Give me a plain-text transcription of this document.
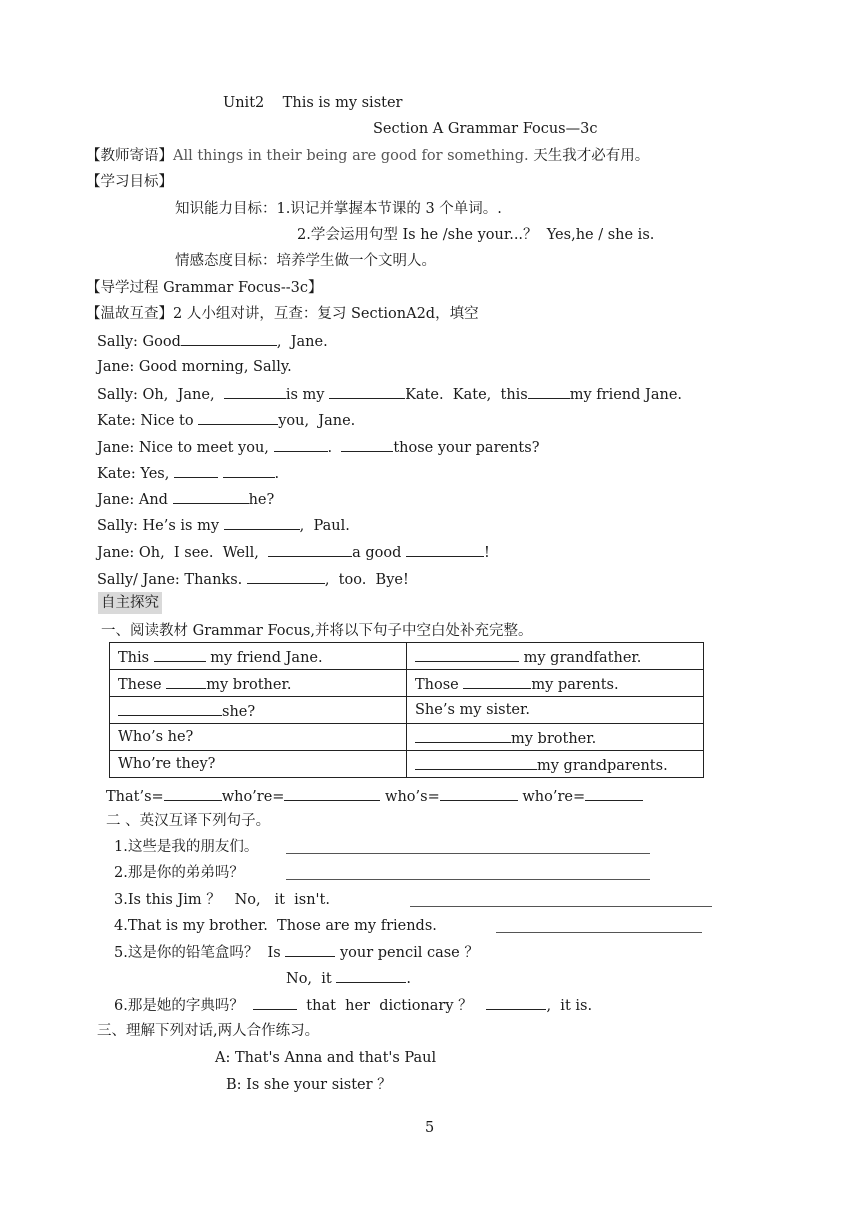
Unit2    This is my sister
Section A Grammar Focus—3c
【教师寄语】All things in their being are good for something. 天生我才必有用。
【学习目标】
知识能力目标：1.识记并掌握本节课的 3 个单词。.
2.学会运用句型 Is he /she your...？  Yes,he / she is.
情感态度目标：培养学生做一个文明人。
【导学过程 Grammar Focus--3c】
【温故互查】2 人小组对讲，互查：复习 SectionA2d，填空
Sally: Good	,  Jane.
Jane: Good morning, Sally.
Sally: Oh,  Jane,	is my	Kate.  Kate,  this	my friend Jane.
Kate: Nice to	you,  Jane.
Jane: Nice to meet you,	.	those your parents?
Kate: Yes,	.
Jane: And	he?
Sally: He’s is my	,  Paul.
Jane: Oh,  I see.  Well,	a good	!
Sally/ Jane: Thanks.	,  too.  Bye!
自主探究
一、阅读教材 Grammar Focus,并将以下句子中空白处补充完整。
This my friend Jane.	my grandfather.
These my brother.	Those my parents.
she?	She’s my sister.
Who’s he?	my brother.
Who’re they?	my grandparents.
That’s=	who’re=	who’s=	who’re=
二 、英汉互译下列句子。
1.这些是我的朋友们。
2.那是你的弟弟吗？
3.Is this Jim ？   No,   it  isn't.
4.That is my brother.  Those are my friends.
5.这是你的铅笔盒吗？  Is	your pencil case ？
No,  it	.
6.那是她的字典吗？	that  her  dictionary ？	,  it is.
三、理解下列对话,两人合作练习。
A: That's Anna and that's Paul
B: Is she your sister ？
5
